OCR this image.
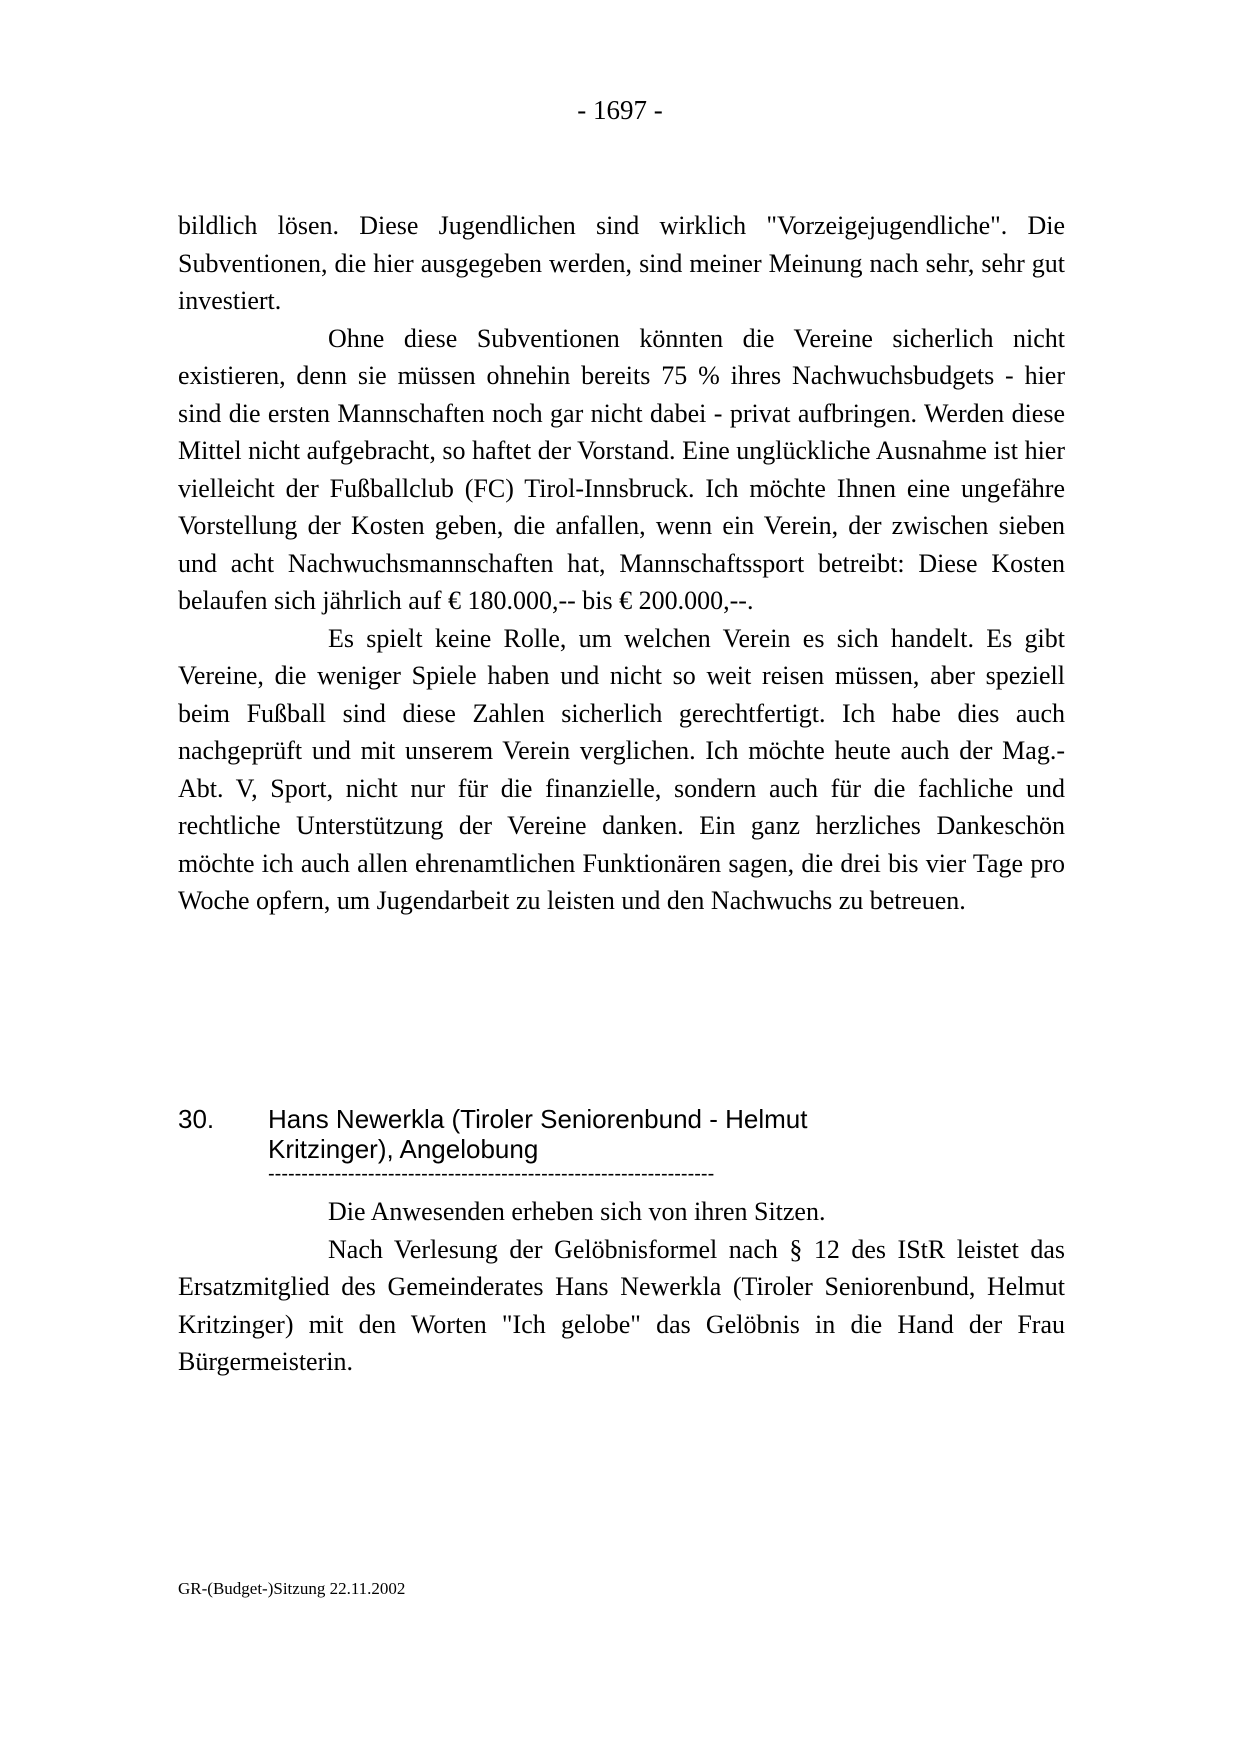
- 1697 -

bildlich lösen. Diese Jugendlichen sind wirklich "Vorzeigejugendliche". Die Subventionen, die hier ausgegeben werden, sind meiner Meinung nach sehr, sehr gut investiert.

Ohne diese Subventionen könnten die Vereine sicherlich nicht existieren, denn sie müssen ohnehin bereits 75 % ihres Nachwuchsbudgets - hier sind die ersten Mannschaften noch gar nicht dabei - privat aufbringen. Werden diese Mittel nicht aufgebracht, so haftet der Vorstand. Eine unglückliche Ausnahme ist hier vielleicht der Fußballclub (FC) Tirol-Innsbruck. Ich möchte Ihnen eine ungefähre Vorstellung der Kosten geben, die anfallen, wenn ein Verein, der zwischen sieben und acht Nachwuchsmannschaften hat, Mannschaftssport betreibt: Diese Kosten belaufen sich jährlich auf € 180.000,-- bis € 200.000,--.

Es spielt keine Rolle, um welchen Verein es sich handelt. Es gibt Vereine, die weniger Spiele haben und nicht so weit reisen müssen, aber speziell beim Fußball sind diese Zahlen sicherlich gerechtfertigt. Ich habe dies auch nachgeprüft und mit unserem Verein verglichen. Ich möchte heute auch der Mag.-Abt. V, Sport, nicht nur für die finanzielle, sondern auch für die fachliche und rechtliche Unterstützung der Vereine danken. Ein ganz herzliches Dankeschön möchte ich auch allen ehrenamtlichen Funktionären sagen, die drei bis vier Tage pro Woche opfern, um Jugendarbeit zu leisten und den Nachwuchs zu betreuen.

30. Hans Newerkla (Tiroler Seniorenbund - Helmut Kritzinger), Angelobung
-------------------------------------------------------------------

Die Anwesenden erheben sich von ihren Sitzen.

Nach Verlesung der Gelöbnisformel nach § 12 des IStR leistet das Ersatzmitglied des Gemeinderates Hans Newerkla (Tiroler Seniorenbund, Helmut Kritzinger) mit den Worten "Ich gelobe" das Gelöbnis in die Hand der Frau Bürgermeisterin.

GR-(Budget-)Sitzung 22.11.2002
